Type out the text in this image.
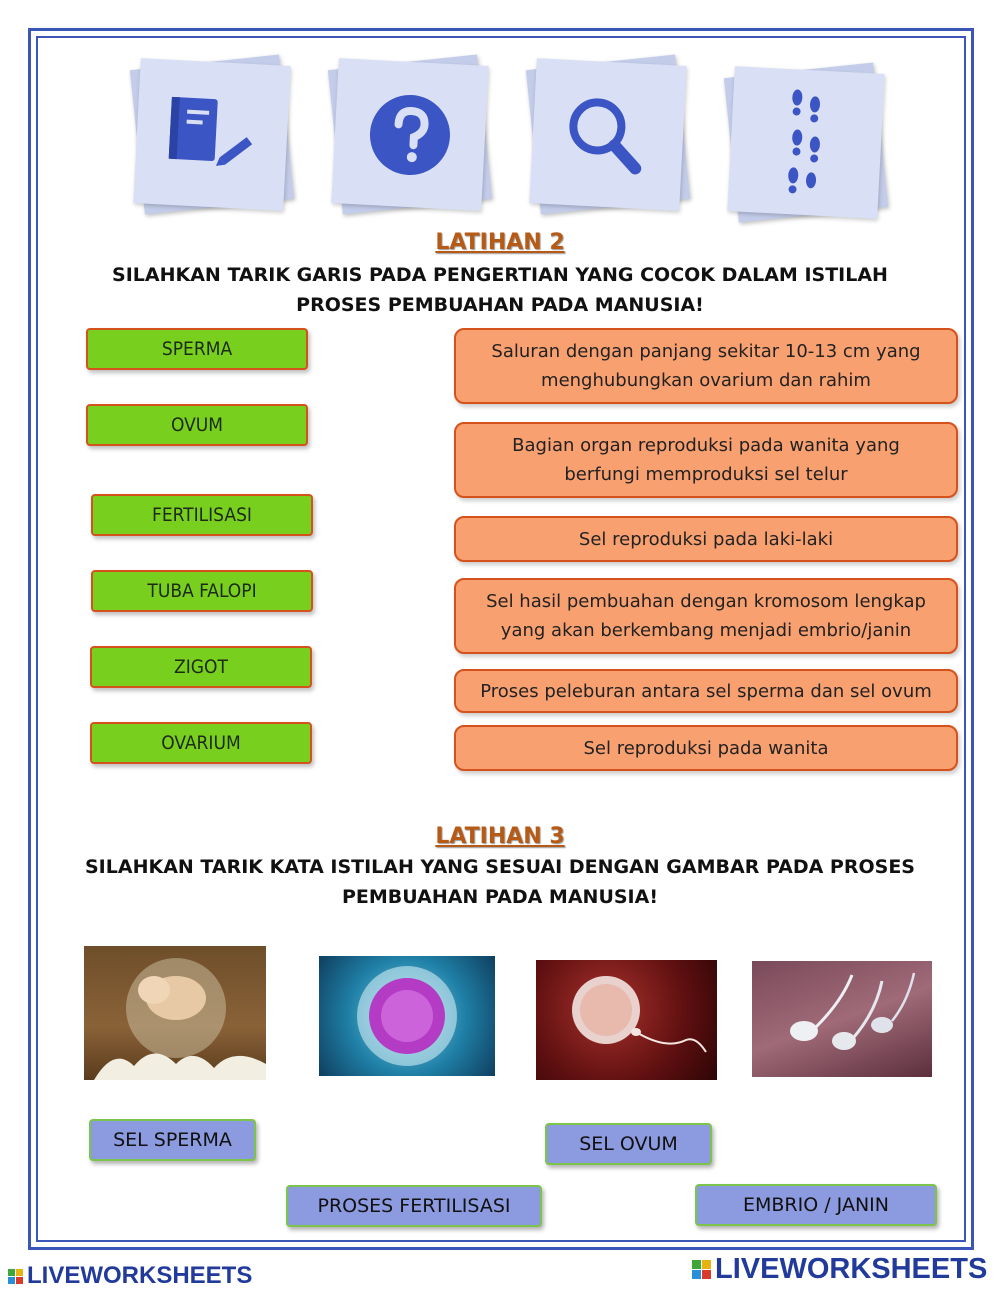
LATIHAN 2
SILAHKAN TARIK GARIS PADA PENGERTIAN YANG COCOK DALAM ISTILAH
PROSES PEMBUAHAN PADA MANUSIA!
SPERMA
OVUM
FERTILISASI
TUBA FALOPI
ZIGOT
OVARIUM
Saluran dengan panjang sekitar 10-13 cm yang
menghubungkan ovarium dan rahim
Bagian organ reproduksi pada wanita yang
berfungi memproduksi sel telur
Sel reproduksi pada laki-laki
Sel hasil pembuahan dengan kromosom lengkap
yang akan berkembang menjadi embrio/janin
Proses peleburan antara sel sperma dan sel ovum
Sel reproduksi pada wanita
LATIHAN 3
SILAHKAN TARIK KATA ISTILAH YANG SESUAI DENGAN GAMBAR PADA PROSES
PEMBUAHAN PADA MANUSIA!
SEL SPERMA	SEL OVUM
PROSES FERTILISASI	EMBRIO / JANIN
LIVEWORKSHEETS	LIVEWORKSHEETS
